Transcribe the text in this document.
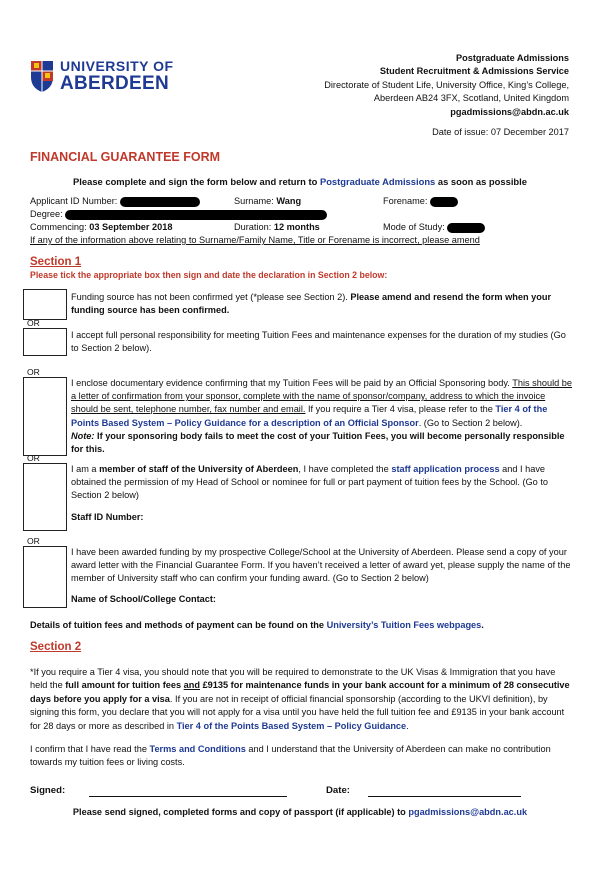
UNIVERSITY OF
ABERDEEN
Postgraduate Admissions
Student Recruitment & Admissions Service
Directorate of Student Life, University Office, King’s College,
Aberdeen AB24 3FX, Scotland, United Kingdom
pgadmissions@abdn.ac.uk
Date of issue: 07 December 2017
FINANCIAL GUARANTEE FORM
Please complete and sign the form below and return to Postgraduate Admissions as soon as possible
Applicant ID Number:	Surname: Wang	Forename:
Degree:
Commencing: 03 September 2018	Duration: 12 months	Mode of Study:
If any of the information above relating to Surname/Family Name, Title or Forename is incorrect, please amend
Section 1
Please tick the appropriate box then sign and date the declaration in Section 2 below:
Funding source has not been confirmed yet (*please see Section 2). Please amend and resend the form when your funding source has been confirmed.
OR
I accept full personal responsibility for meeting Tuition Fees and maintenance expenses for the duration of my studies (Go to Section 2 below).
OR
I enclose documentary evidence confirming that my Tuition Fees will be paid by an Official Sponsoring body. This should be a letter of confirmation from your sponsor, complete with the name of sponsor/company, address to which the invoice should be sent, telephone number, fax number and email. If you require a Tier 4 visa, please refer to the Tier 4 of the Points Based System – Policy Guidance for a description of an Official Sponsor. (Go to Section 2 below).
Note: If your sponsoring body fails to meet the cost of your Tuition Fees, you will become personally responsible for this.
OR
I am a member of staff of the University of Aberdeen, I have completed the staff application process and I have obtained the permission of my Head of School or nominee for full or part payment of tuition fees by the School. (Go to Section 2 below)
Staff ID Number:
OR
I have been awarded funding by my prospective College/School at the University of Aberdeen. Please send a copy of your award letter with the Financial Guarantee Form. If you haven’t received a letter of award yet, please supply the name of the member of University staff who can confirm your funding award. (Go to Section 2 below)
Name of School/College Contact:
Details of tuition fees and methods of payment can be found on the University’s Tuition Fees webpages.
Section 2
*If you require a Tier 4 visa, you should note that you will be required to demonstrate to the UK Visas & Immigration that you have held the full amount for tuition fees and £9135 for maintenance funds in your bank account for a minimum of 28 consecutive days before you apply for a visa. If you are not in receipt of official financial sponsorship (according to the UKVI definition), by signing this form, you declare that you will not apply for a visa until you have held the full tuition fee and £9135 in your bank account for 28 days or more as described in Tier 4 of the Points Based System – Policy Guidance.
I confirm that I have read the Terms and Conditions and I understand that the University of Aberdeen can make no contribution towards my tuition fees or living costs.
Signed:	Date:
Please send signed, completed forms and copy of passport (if applicable) to pgadmissions@abdn.ac.uk
